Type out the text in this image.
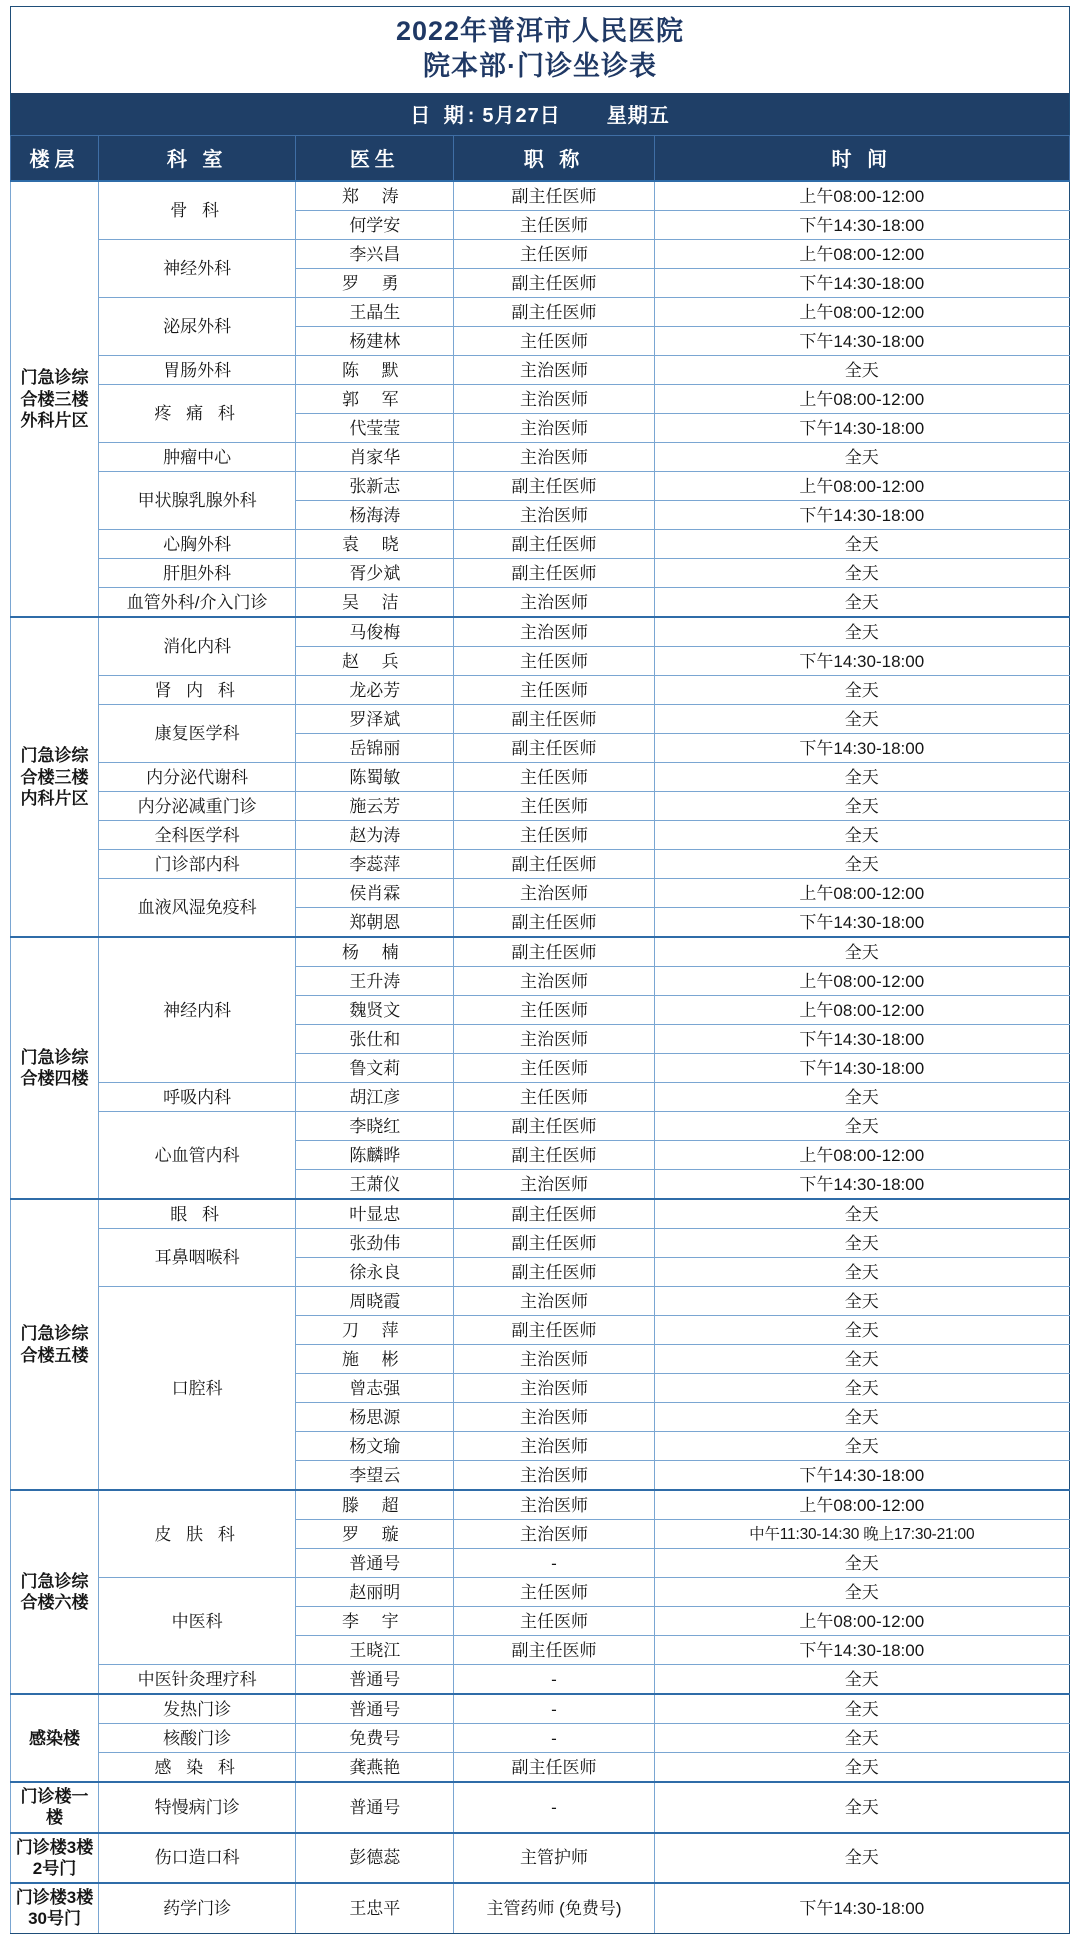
2022年普洱市人民医院
院本部·门诊坐诊表
日 期: 5月27日 星期五
楼层	科 室	医生	职 称	时 间

门急诊综
合楼三楼
外科片区	骨 科	郑 涛	副主任医师	上午08:00-12:00
		何学安	主任医师	下午14:30-18:00
	神经外科	李兴昌	主任医师	上午08:00-12:00
		罗 勇	副主任医师	下午14:30-18:00
	泌尿外科	王晶生	副主任医师	上午08:00-12:00
		杨建林	主任医师	下午14:30-18:00
	胃肠外科	陈 默	主治医师	全天
	疼 痛 科	郭 军	主治医师	上午08:00-12:00
		代莹莹	主治医师	下午14:30-18:00
	肿瘤中心	肖家华	主治医师	全天
	甲状腺乳腺外科	张新志	副主任医师	上午08:00-12:00
		杨海涛	主治医师	下午14:30-18:00
	心胸外科	袁 晓	副主任医师	全天
	肝胆外科	胥少斌	副主任医师	全天
	血管外科/介入门诊	吴 洁	主治医师	全天

门急诊综
合楼三楼
内科片区	消化内科	马俊梅	主治医师	全天
		赵 兵	主任医师	下午14:30-18:00
	肾 内 科	龙必芳	主任医师	全天
	康复医学科	罗泽斌	副主任医师	全天
		岳锦丽	副主任医师	下午14:30-18:00
	内分泌代谢科	陈蜀敏	主任医师	全天
	内分泌减重门诊	施云芳	主任医师	全天
	全科医学科	赵为涛	主任医师	全天
	门诊部内科	李蕊萍	副主任医师	全天
	血液风湿免疫科	侯肖霖	主治医师	上午08:00-12:00
		郑朝恩	副主任医师	下午14:30-18:00

门急诊综
合楼四楼	神经内科	杨 楠	副主任医师	全天
		王升涛	主治医师	上午08:00-12:00
		魏贤文	主任医师	上午08:00-12:00
		张仕和	主治医师	下午14:30-18:00
		鲁文莉	主任医师	下午14:30-18:00
	呼吸内科	胡江彦	主任医师	全天
	心血管内科	李晓红	副主任医师	全天
		陈麟晔	副主任医师	上午08:00-12:00
		王萧仪	主治医师	下午14:30-18:00

门急诊综
合楼五楼	眼 科	叶显忠	副主任医师	全天
	耳鼻咽喉科	张劲伟	副主任医师	全天
		徐永良	副主任医师	全天
	口腔科	周晓霞	主治医师	全天
		刀 萍	副主任医师	全天
		施 彬	主治医师	全天
		曾志强	主治医师	全天
		杨思源	主治医师	全天
		杨文瑜	主治医师	全天
		李望云	主治医师	下午14:30-18:00

门急诊综
合楼六楼	皮 肤 科	滕 超	主治医师	上午08:00-12:00
		罗 璇	主治医师	中午11:30-14:30 晚上17:30-21:00
		普通号	-	全天
	中医科	赵丽明	主任医师	全天
		李 宇	主任医师	上午08:00-12:00
		王晓江	副主任医师	下午14:30-18:00
	中医针灸理疗科	普通号	-	全天

感染楼	发热门诊	普通号	-	全天
	核酸门诊	免费号	-	全天
	感 染 科	龚燕艳	副主任医师	全天

门诊楼一
楼	特慢病门诊	普通号	-	全天

门诊楼3楼
2号门	伤口造口科	彭德蕊	主管护师	全天

门诊楼3楼
30号门	药学门诊	王忠平	主管药师 (免费号)	下午14:30-18:00
